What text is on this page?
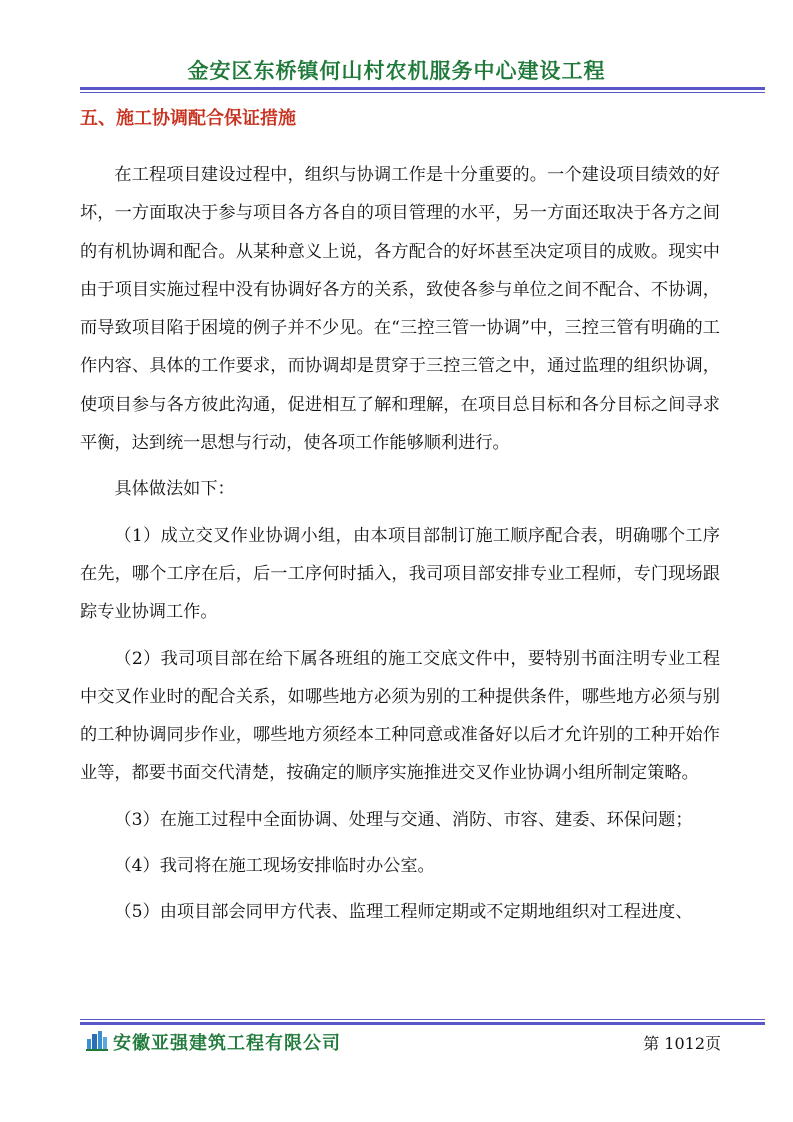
金安区东桥镇何山村农机服务中心建设工程
五、施工协调配合保证措施

在工程项目建设过程中，组织与协调工作是十分重要的。一个建设项目绩效的好坏，一方面取决于参与项目各方各自的项目管理的水平，另一方面还取决于各方之间的有机协调和配合。从某种意义上说，各方配合的好坏甚至决定项目的成败。现实中由于项目实施过程中没有协调好各方的关系，致使各参与单位之间不配合、不协调，而导致项目陷于困境的例子并不少见。在“三控三管一协调”中，三控三管有明确的工作内容、具体的工作要求，而协调却是贯穿于三控三管之中，通过监理的组织协调，使项目参与各方彼此沟通，促进相互了解和理解，在项目总目标和各分目标之间寻求平衡，达到统一思想与行动，使各项工作能够顺利进行。

具体做法如下：

（1）成立交叉作业协调小组，由本项目部制订施工顺序配合表，明确哪个工序在先，哪个工序在后，后一工序何时插入，我司项目部安排专业工程师，专门现场跟踪专业协调工作。

（2）我司项目部在给下属各班组的施工交底文件中，要特别书面注明专业工程中交叉作业时的配合关系，如哪些地方必须为别的工种提供条件，哪些地方必须与别的工种协调同步作业，哪些地方须经本工种同意或准备好以后才允许别的工种开始作业等，都要书面交代清楚，按确定的顺序实施推进交叉作业协调小组所制定策略。

（3）在施工过程中全面协调、处理与交通、消防、市容、建委、环保问题；

（4）我司将在施工现场安排临时办公室。

（5）由项目部会同甲方代表、监理工程师定期或不定期地组织对工程进度、

安徽亚强建筑工程有限公司	第 1012页
